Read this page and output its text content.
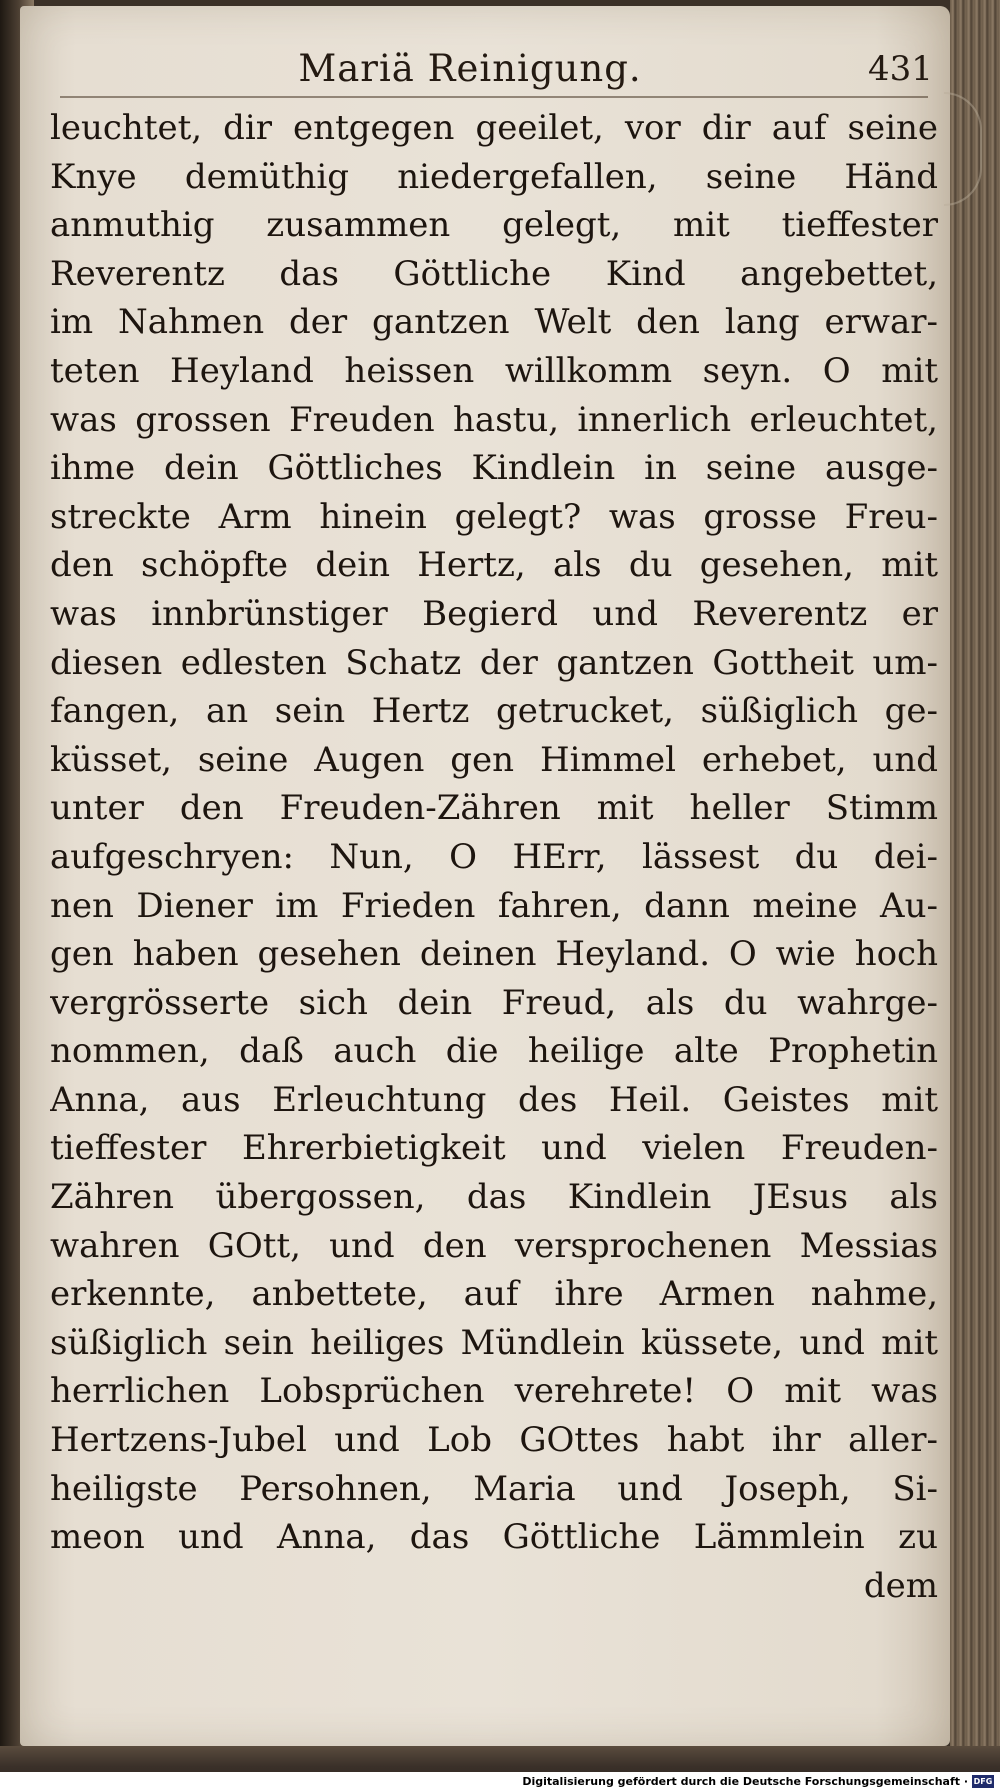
Mariä Reinigung.	431
leuchtet, dir entgegen geeilet, vor dir auf seine
Knye demüthig niedergefallen, seine Händ
anmuthig zusammen gelegt, mit tieffester
Reverentz das Göttliche Kind angebettet,
im Nahmen der gantzen Welt den lang erwar-
teten Heyland heissen willkomm seyn. O mit
was grossen Freuden hastu, innerlich erleuchtet,
ihme dein Göttliches Kindlein in seine ausge-
streckte Arm hinein gelegt? was grosse Freu-
den schöpfte dein Hertz, als du gesehen, mit
was innbrünstiger Begierd und Reverentz er
diesen edlesten Schatz der gantzen Gottheit um-
fangen, an sein Hertz getrucket, süßiglich ge-
küsset, seine Augen gen Himmel erhebet, und
unter den Freuden-Zähren mit heller Stimm
aufgeschryen: Nun, O HErr, lässest du dei-
nen Diener im Frieden fahren, dann meine Au-
gen haben gesehen deinen Heyland. O wie hoch
vergrösserte sich dein Freud, als du wahrge-
nommen, daß auch die heilige alte Prophetin
Anna, aus Erleuchtung des Heil. Geistes mit
tieffester Ehrerbietigkeit und vielen Freuden-
Zähren übergossen, das Kindlein JEsus als
wahren GOtt, und den versprochenen Messias
erkennte, anbettete, auf ihre Armen nahme,
süßiglich sein heiliges Mündlein küssete, und mit
herrlichen Lobsprüchen verehrete! O mit was
Hertzens-Jubel und Lob GOttes habt ihr aller-
heiligste Persohnen, Maria und Joseph, Si-
meon und Anna, das Göttliche Lämmlein zu
dem
Digitalisierung gefördert durch die Deutsche Forschungsgemeinschaft · DFG
